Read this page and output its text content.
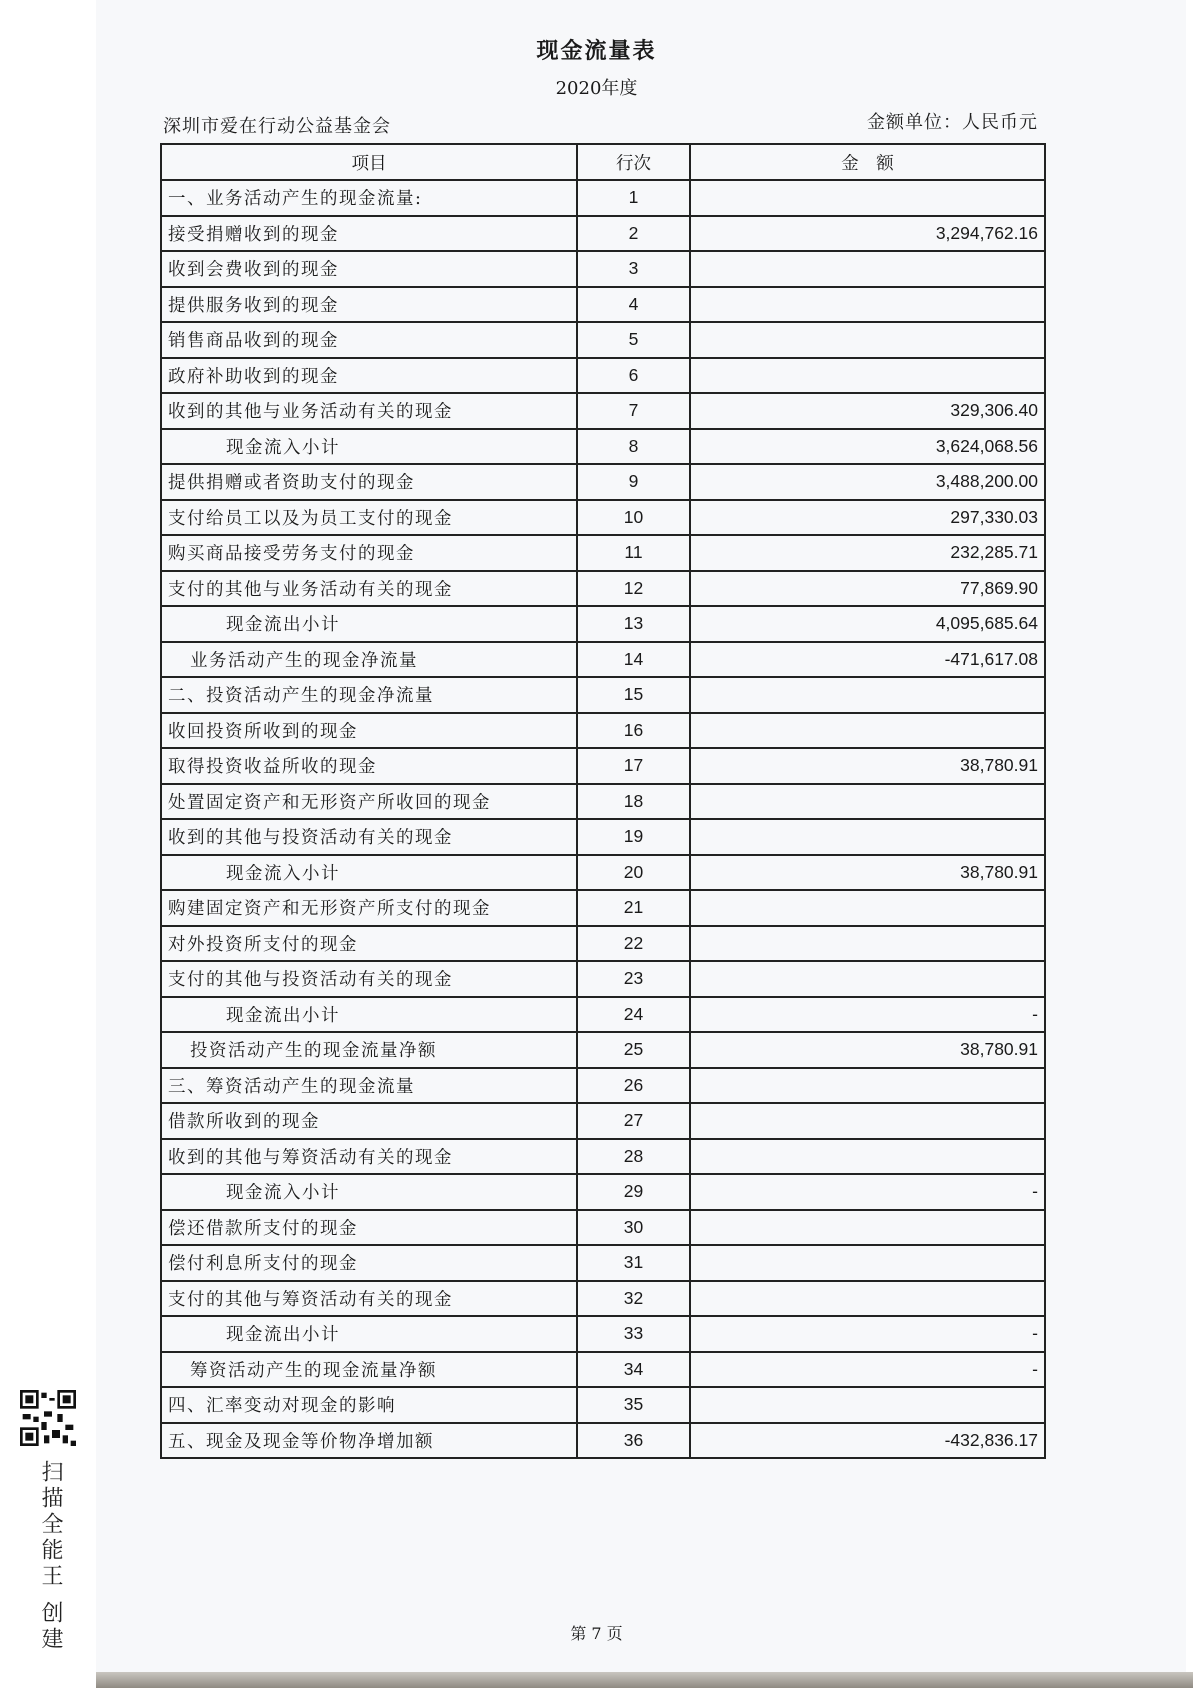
现金流量表
2020年度
深圳市爱在行动公益基金会	金额单位：人民币元
项目	行次	金　额
一、业务活动产生的现金流量:	1	
接受捐赠收到的现金	2	3,294,762.16
收到会费收到的现金	3	
提供服务收到的现金	4	
销售商品收到的现金	5	
政府补助收到的现金	6	
收到的其他与业务活动有关的现金	7	329,306.40
现金流入小计	8	3,624,068.56
提供捐赠或者资助支付的现金	9	3,488,200.00
支付给员工以及为员工支付的现金	10	297,330.03
购买商品接受劳务支付的现金	11	232,285.71
支付的其他与业务活动有关的现金	12	77,869.90
现金流出小计	13	4,095,685.64
业务活动产生的现金净流量	14	-471,617.08
二、投资活动产生的现金净流量	15	
收回投资所收到的现金	16	
取得投资收益所收的现金	17	38,780.91
处置固定资产和无形资产所收回的现金	18	
收到的其他与投资活动有关的现金	19	
现金流入小计	20	38,780.91
购建固定资产和无形资产所支付的现金	21	
对外投资所支付的现金	22	
支付的其他与投资活动有关的现金	23	
现金流出小计	24	-
投资活动产生的现金流量净额	25	38,780.91
三、筹资活动产生的现金流量	26	
借款所收到的现金	27	
收到的其他与筹资活动有关的现金	28	
现金流入小计	29	-
偿还借款所支付的现金	30	
偿付利息所支付的现金	31	
支付的其他与筹资活动有关的现金	32	
现金流出小计	33	-
筹资活动产生的现金流量净额	34	-
四、汇率变动对现金的影响	35	
五、现金及现金等价物净增加额	36	-432,836.17
第 7 页
扫描全能王 创建
